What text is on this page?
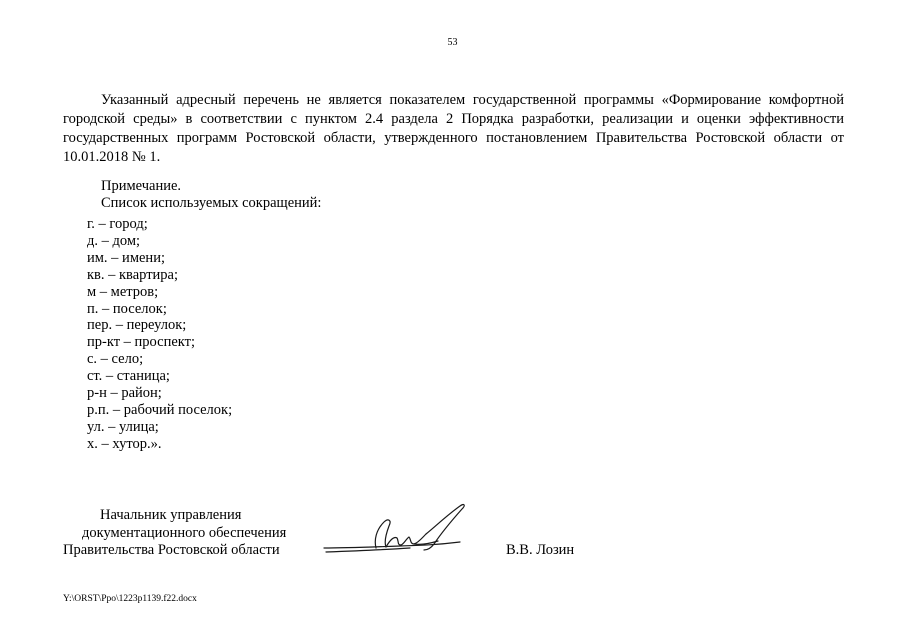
53

Указанный адресный перечень не является показателем государственной программы «Формирование комфортной городской среды» в соответствии с пунктом 2.4 раздела 2 Порядка разработки, реализации и оценки эффективности государственных программ Ростовской области, утвержденного постановлением Правительства Ростовской области от 10.01.2018 № 1.

Примечание.
Список используемых сокращений:
г. – город;
д. – дом;
им. – имени;
кв. – квартира;
м – метров;
п. – поселок;
пер. – переулок;
пр-кт – проспект;
с. – село;
ст. – станица;
р-н – район;
р.п. – рабочий поселок;
ул. – улица;
х. – хутор.».
Начальник управления
документационного обеспечения
Правительства Ростовской области	В.В. Лозин
Y:\ORST\Ppo\1223p1139.f22.docx
